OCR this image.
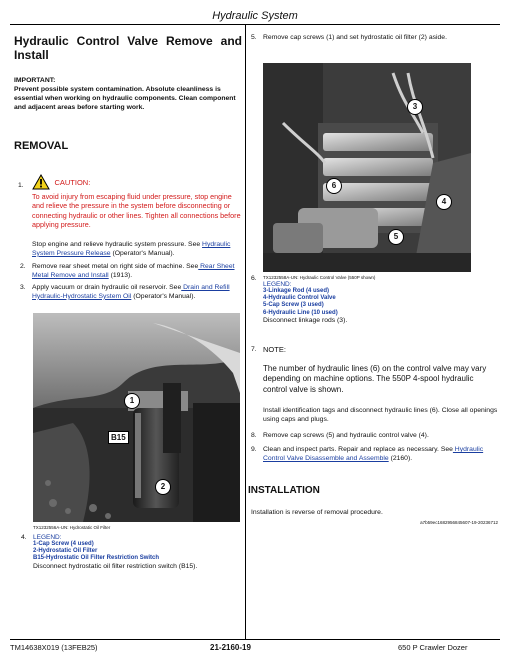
Hydraulic System
Hydraulic Control Valve Remove and Install
IMPORTANT:
Prevent possible system contamination. Absolute cleanliness is essential when working on hydraulic components. Clean component and adjacent areas before starting work.
REMOVAL
1.	CAUTION:
To avoid injury from escaping fluid under pressure, stop engine and relieve the pressure in the system before disconnecting or connecting hydraulic or other lines. Tighten all connections before applying pressure.
Stop engine and relieve hydraulic system pressure. See Hydraulic System Pressure Release (Operator's Manual).
2. Remove rear sheet metal on right side of machine. See Rear Sheet Metal Remove and Install (1913).
3. Apply vacuum or drain hydraulic oil reservoir. See Drain and Refill Hydraulic-Hydrostatic System Oil (Operator's Manual).
1
2
B15
TX1232556A-UN: Hydrostatic Oil Filter
4. LEGEND:
1-Cap Screw (4 used)
2-Hydrostatic Oil Filter
B15-Hydrostatic Oil Filter Restriction Switch
Disconnect hydrostatic oil filter restriction switch (B15).
5. Remove cap screws (1) and set hydrostatic oil filter (2) aside.
3
6
4
5
6. TX1232558A-UN: Hydraulic Control Valve (550P shown)
LEGEND:
3-Linkage Rod (4 used)
4-Hydraulic Control Valve
5-Cap Screw (3 used)
6-Hydraulic Line (10 used)
Disconnect linkage rods (3).
7. NOTE:
The number of hydraulic lines (6) on the control valve may vary depending on machine options. The 550P 4-spool hydraulic control valve is shown.
Install identification tags and disconnect hydraulic lines (6). Close all openings using caps and plugs.
8. Remove cap screws (5) and hydraulic control valve (4).
9. Clean and inspect parts. Repair and replace as necessary. See Hydraulic Control Valve Disassemble and Assemble (2160).
INSTALLATION
Installation is reverse of removal procedure.
a7b59ec1682956845607-19-20236712
TM14638X019 (13FEB25)	21-2160-19	650 P Crawler Dozer
